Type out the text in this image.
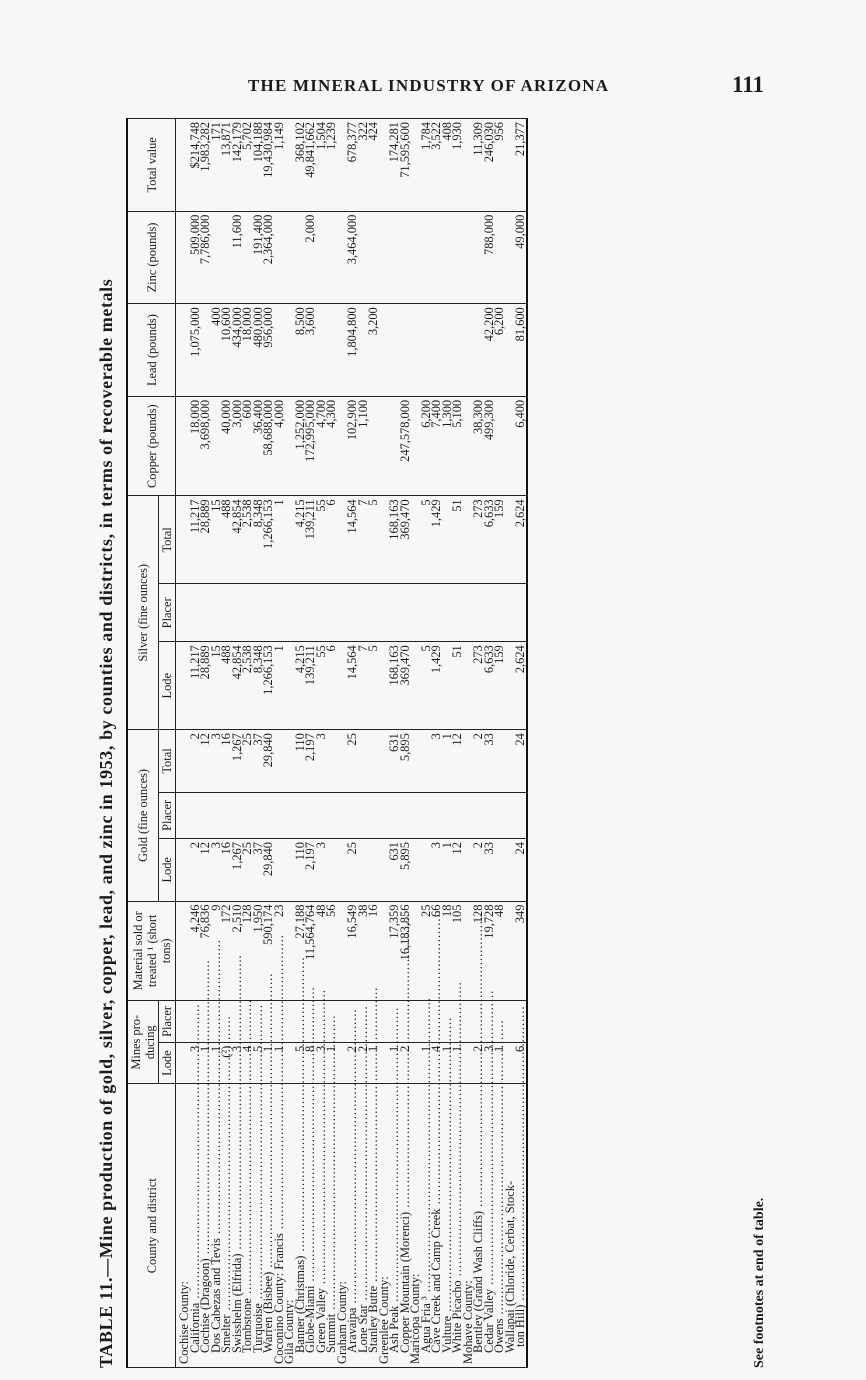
THE MINERAL INDUSTRY OF ARIZONA	111
TABLE 11.—Mine production of gold, silver, copper, lead, and zinc in 1953, by counties and districts, in terms of recoverable metals County and district	Mines pro-ducing		Material sold or treated ¹ (short tons)	Gold (fine ounces)			Silver (fine ounces)			Copper (pounds)	Lead (pounds)	Zinc (pounds)	Total value
	Lode	Placer		Lode	Placer	Total	Lode	Placer	Total				
Cochise County:													
California .....	3		4,246	2		2	11,217		11,217	18,000	1,075,000	509,000	$214,748
Cochise (Dragoon) .....	1		76,836	12		12	28,889		28,889	3,698,000		7,786,000	1,983,282
Dos Cabezas and Tevis .....	1		9	3		3	15		15		400		171
Smelter .....	(²)		172	16		16	488		488	40,000	10,600		13,871
Swisshelm (Elfrida) .....	3		2,510	1,267		1,267	42,854		42,854	3,000	434,000	11,600	142,179
Tombstone .....	4		128	25		25	2,538		2,538	600	18,000		5,702
Turquoise .....	5		1,950	37		37	8,348		8,348	36,400	480,000	191,400	104,188
Warren (Bisbee) .....	1		590,174	29,840		29,840	1,266,153		1,266,153	58,688,000	956,000	2,364,000	19,430,984
Coconino County: Francis .....	1		23				1		1	4,000			1,149
Gila County:													
Banner (Christmas) .....	5		27,188	110		110	4,215		4,215	1,252,000	8,500		368,102
Globe-Miami .....	8		11,564,764	2,197		2,197	139,211		139,211	172,995,000	3,600	2,000	49,841,662
Green Valley .....	3		48	3		3	55		55	4,700			1,504
Summit .....	1		56				6		6	4,300			1,239
Graham County:													
Aravaipa .....	2		16,549	25		25	14,564		14,564	102,900	1,804,800	3,464,000	678,377
Lone Star .....	2		38				7		7	1,100			322
Stanley Butte .....	1		16				5		5		3,200		424
Greenlee County:													
Ash Peak .....	1		17,359	631		631	168,163		168,163				174,281
Copper Mountain (Morenci) .....	2		16,183,856	5,895		5,895	369,470		369,470	247,578,000			71,595,600
Maricopa County:													
Agua Fria ³ .....	1		25				5		5	6,200			1,784
Cave Creek and Camp Creek .....	4		66	3		3	1,429		1,429	7,400			3,522
Vulture .....	1		18	1		1				1,300			408
White Picacho .....	1		105	12		12	51		51	5,100			1,930
Mohave County:													
Bentley (Grand Wash Cliffs) .....	2		128	2		2	273		273	38,300			11,309
Cedar Valley .....	3		19,728	33		33	6,633		6,633	499,300	42,200	788,000	246,030
Owens .....	1		48				159		159		6,200		956
Wallapai (Chloride, Cerbat, Stock-													
ton Hill) .....	6		349	24		24	2,624		2,624	6,400	81,600	49,000	21,377
See footnotes at end of table.
